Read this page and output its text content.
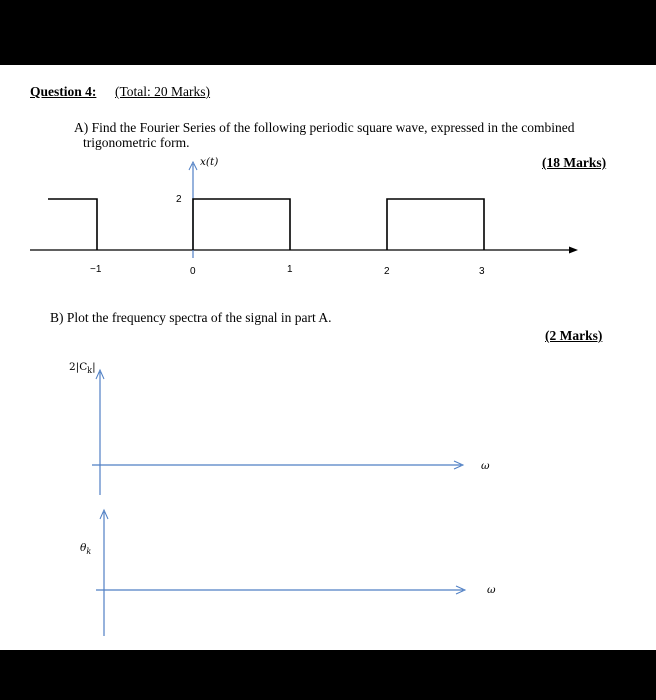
Question 4: (Total: 20 Marks)
A) Find the Fourier Series of the following periodic square wave, expressed in the combined
trigonometric form.
(18 Marks)
x(t)
2
−1	0	1	2	3
B) Plot the frequency spectra of the signal in part A.
(2 Marks)
$2|C_k|$
ω
$\theta_k$
ω
